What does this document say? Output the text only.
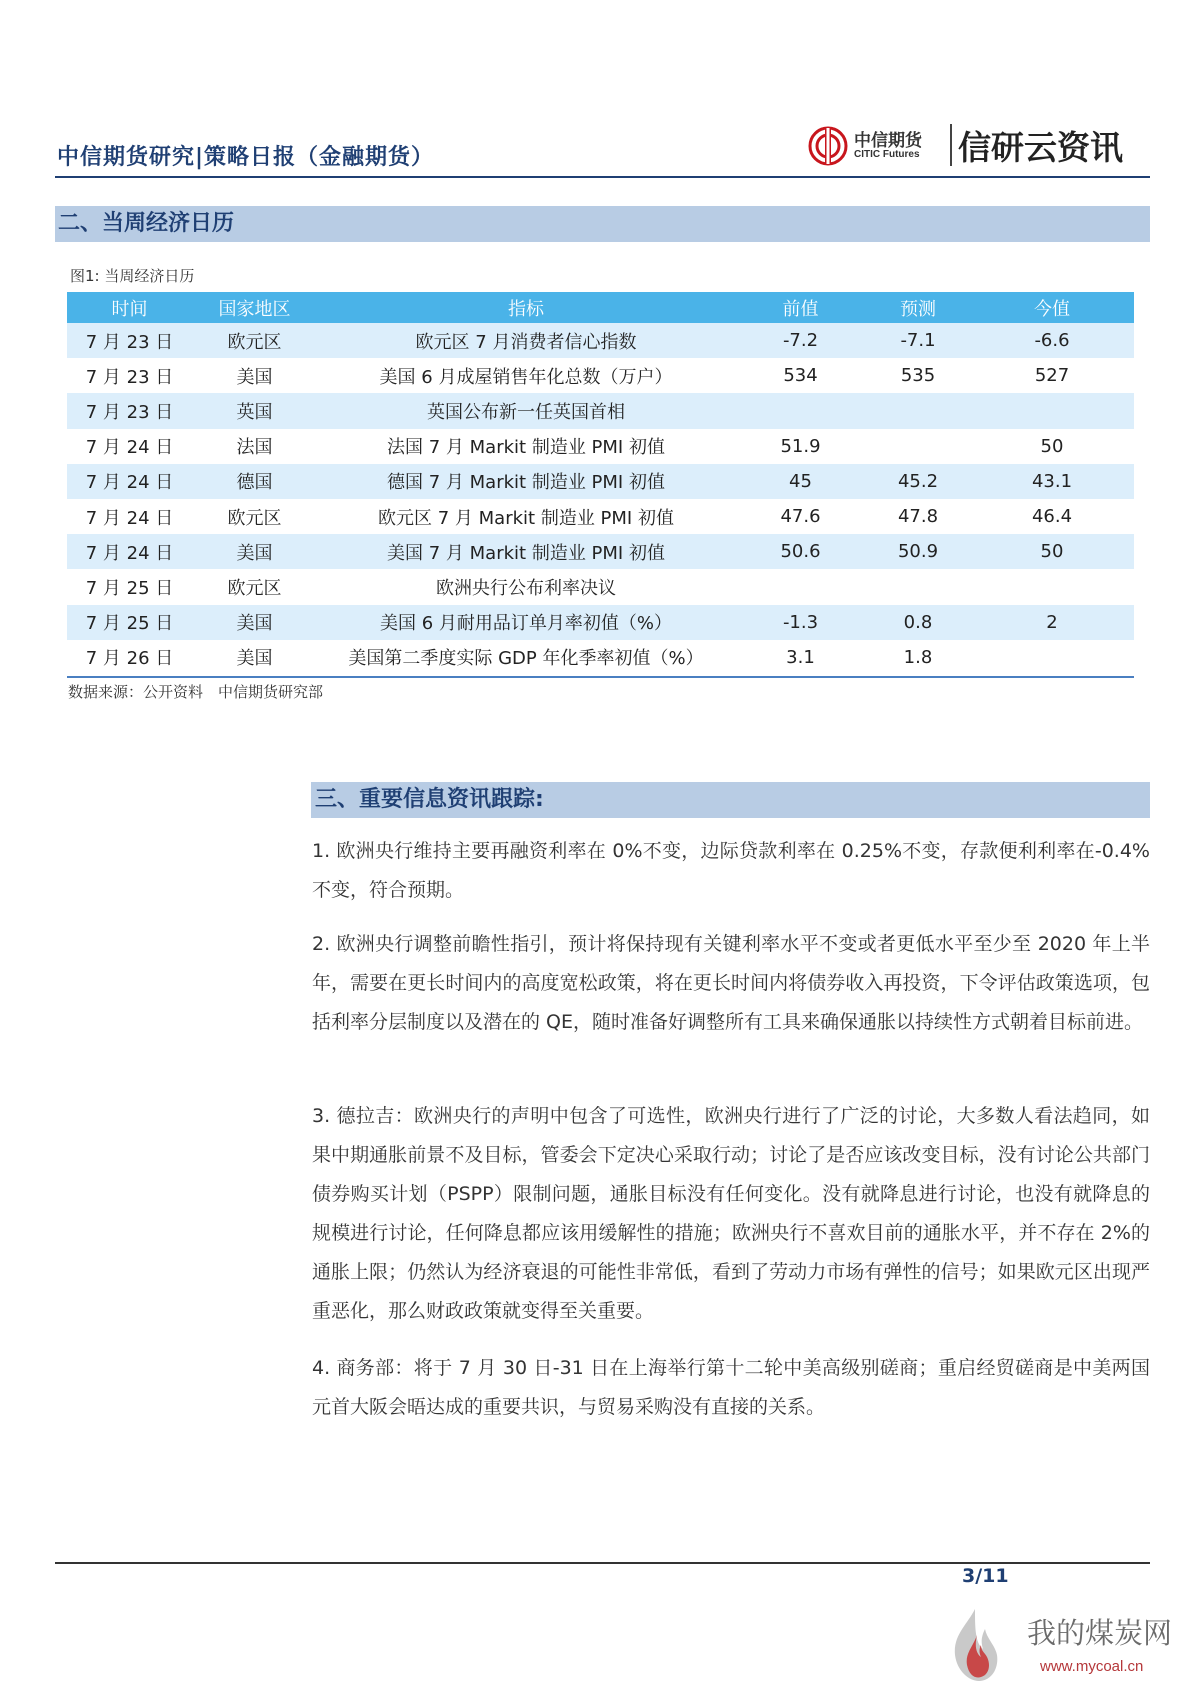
中信期货研究|策略日报（金融期货）
中信期货
CITIC Futures 信研云资讯
二、当周经济日历
图1: 当周经济日历
时间	国家地区	指标	前值	预测	今值
7 月 23 日	欧元区	欧元区 7 月消费者信心指数	-7.2	-7.1	-6.6
7 月 23 日	美国	美国 6 月成屋销售年化总数（万户）	534	535	527
7 月 23 日	英国	英国公布新一任英国首相			
7 月 24 日	法国	法国 7 月 Markit 制造业 PMI 初值	51.9		50
7 月 24 日	德国	德国 7 月 Markit 制造业 PMI 初值	45	45.2	43.1
7 月 24 日	欧元区	欧元区 7 月 Markit 制造业 PMI 初值	47.6	47.8	46.4
7 月 24 日	美国	美国 7 月 Markit 制造业 PMI 初值	50.6	50.9	50
7 月 25 日	欧元区	欧洲央行公布利率决议			
7 月 25 日	美国	美国 6 月耐用品订单月率初值（%）	-1.3	0.8	2
7 月 26 日	美国	美国第二季度实际 GDP 年化季率初值（%）	3.1	1.8	
数据来源：公开资料　中信期货研究部
三、重要信息资讯跟踪:

1. 欧洲央行维持主要再融资利率在 0%不变，边际贷款利率在 0.25%不变，存款便利利率在-0.4%不变，符合预期。

2. 欧洲央行调整前瞻性指引，预计将保持现有关键利率水平不变或者更低水平至少至 2020 年上半年，需要在更长时间内的高度宽松政策，将在更长时间内将债券收入再投资，下令评估政策选项，包括利率分层制度以及潜在的 QE，随时准备好调整所有工具来确保通胀以持续性方式朝着目标前进。

3. 德拉吉：欧洲央行的声明中包含了可选性，欧洲央行进行了广泛的讨论，大多数人看法趋同，如果中期通胀前景不及目标，管委会下定决心采取行动；讨论了是否应该改变目标，没有讨论公共部门债券购买计划（PSPP）限制问题，通胀目标没有任何变化。没有就降息进行讨论，也没有就降息的规模进行讨论，任何降息都应该用缓解性的措施；欧洲央行不喜欢目前的通胀水平，并不存在 2%的通胀上限；仍然认为经济衰退的可能性非常低，看到了劳动力市场有弹性的信号；如果欧元区出现严重恶化，那么财政政策就变得至关重要。

4. 商务部：将于 7 月 30 日-31 日在上海举行第十二轮中美高级别磋商；重启经贸磋商是中美两国元首大阪会晤达成的重要共识，与贸易采购没有直接的关系。

3/11
我的煤炭网
www.mycoal.cn
